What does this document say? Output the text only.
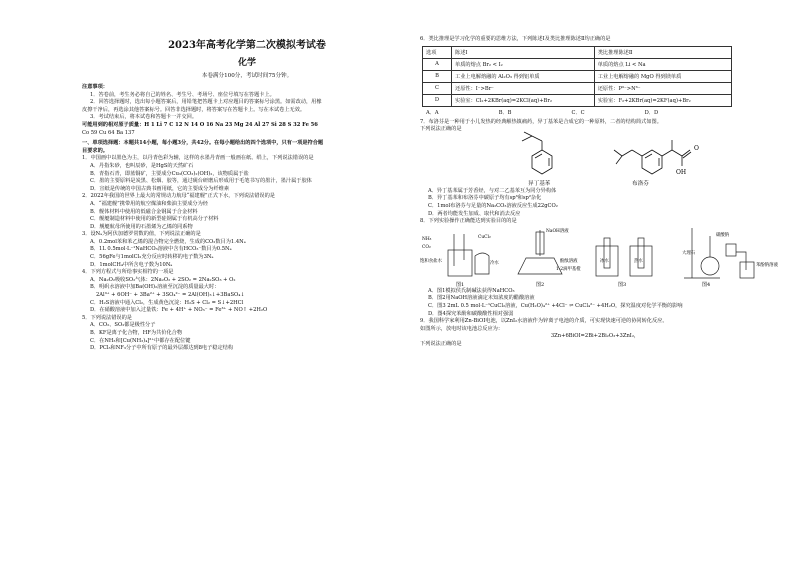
2023年高考化学第二次模拟考试卷
化学
本卷满分100分，考试时间75分钟。

注意事项：

1．答卷前，考生务必将自己的姓名、考生号、考场号、座位号填写在答题卡上。

2．回答选择题时，选出每小题答案后，用铅笔把答题卡上对应题目的答案标号涂黑。如需改动，用橡

皮擦干净后，再选涂其他答案标号。回答非选择题时，将答案写在答题卡上。写在本试卷上无效。

3．考试结束后，将本试卷和答题卡一并交回。

可能用到的相对原子质量：H 1 Li 7 C 12 N 14 O 16 Na 23 Mg 24 Al 27 Si 28 S 32 Fe 56

Co 59 Cu 64 Ba 137

一、单项选择题：本题共14小题，每小题3分，共42分。在每小题给出的四个选项中，只有一项是符合题

目要求的。

1．中国画中以墨色为主，以丹青色彩为辅，这样的水墨丹青画一般画在纸、绢上，下列说法错误的是

A．丹指朱砂，也叫辰砂，是HgS的天然矿石

B．青指石青，即蓝铜矿，主要成分Cu₃(CO₃)₂(OH)₂，该物质属于盐

C．墨的主要原料是炭黑、松烟、胶等，通过砚台研磨后形成用于毛笔书写的墨汁，墨汁属于胶体

D．宣纸是传统的中国古典书画用纸，它的主要成分为纤维素

2．2022年我国的世界上最大的常规动力航母“福建舰”正式下水，下列说法错误的是

A．“福建舰”携带用的航空煤油和柴油主要成分为烃

B．舰体材料中使用的低磁合金钢属于合金材料

C．舰艇制造材料中使用的新型硅钢属于有机高分子材料

D．舰艇航母所使用的石墨烯为乙烯的同系物

3．设Nₐ为阿伏加德罗常数的值，下列说法正确的是

A．0.2mol苯和苯乙烯的混合物完全燃烧，生成的CO₂数目为1.4Nₐ

B．1L 0.5mol·L⁻¹NaHCO₃溶液中含有HCO₃⁻数目为0.5Nₐ

C．56gFe与1molCl₂充分反应时转移的电子数为3Nₐ

D．1molCH₄中所含电子数为10Nₐ

4．下列方程式与所给事实相符的一项是

A．Na₂O₂吸收SO₂气体：2Na₂O₂ + 2SO₂ = 2Na₂SO₃ + O₂

B．明矾水溶液中加Ba(OH)₂溶液至沉淀的质量最大时：

2Al³⁺ + 6OH⁻ + 3Ba²⁺ + 3SO₄²⁻ = 2Al(OH)₃↓+3BaSO₄↓

C．H₂S溶液中通入Cl₂，生成黄色沉淀：H₂S + Cl₂ = S↓+2HCl

D．在硝酸溶液中加入过量铁：Fe + 4H⁺ + NO₃⁻ = Fe³⁺ + NO↑ +2H₂O

5．下列说法错误的是

A．CO₂、SO₂都是极性分子

B．KF是离子化合物，HF为共价化合物

C．在NH₃和[Cu(NH₃)₄]²⁺中都存在配位键

D．PCl₃和NF₃分子中所有原子的最外层都达到8电子稳定结构

6．类比推理是学习化学的重要的思维方法，下列陈述Ⅰ及类比推理陈述Ⅱ均正确的是

选项	陈述Ⅰ	类比推理陈述Ⅱ
A	单质的熔点 Br₂ < I₂	单质的熔点 Li < Na
B	工业上电解熔融的 Al₂O₃ 得到铝单质	工业上电解熔融的 MgO 得到镁单质
C	还原性：I⁻>Br⁻	还原性：P³⁻>N³⁻
D	实验室：Cl₂+2KBr(aq)=2KCl(aq)+Br₂	实验室：F₂+2KBr(aq)=2KF(aq)+Br₂
A．A	B．B	C．C	D．D

7．布洛芬是一种用于小儿发热的经典解热镇痛药，异丁基苯是合成它的一种原料，二者的结构简式如图。

下列说法正确的是

O
OH
异丁基苯	布洛芬

A．异丁基苯属于芳香烃，与对二乙基苯互为同分异构体

B．异丁基苯和布洛芬中碳原子均有sp³和sp²杂化

C．1mol布洛芬与足量的Na₂CO₃溶液反应生成22gCO₂

D．两者均能发生加成、取代和消去反应

8．下列实验操作正确能达到实验目的的是

NH₃
CO₂
饱和食盐水	冷水
CuCl₂
NaOH溶液
酚酞溶液
1-2滴甲基橙
冰水	热水
碳酸钠
大理石
苯酚钠溶液
图1	图2	图3	图4

A．图1模拟侯氏制碱法获得NaHCO₃

B．图2用NaOH溶液滴定未知浓度的醋酸溶液

C．图3 2mL 0.5 mol·L⁻¹CuCl₂溶液，Cu(H₂O)₄²⁺ +4Cl⁻ ⇌ CuCl₄²⁻ +4H₂O，探究温度对化学平衡的影响

D．图4探究苯酚和碳酸酸性相对强弱

9．我国科学家利用Zn-BiOI电池，以ZnI₂水溶液作为锌离子电池的介质，可实现快速可逆的协同转化反应。

如图所示，放电时该电池总反应为：

3Zn+6BiOI=2Bi+2Bi₂O₃+3ZnI₂，

下列说法正确的是
